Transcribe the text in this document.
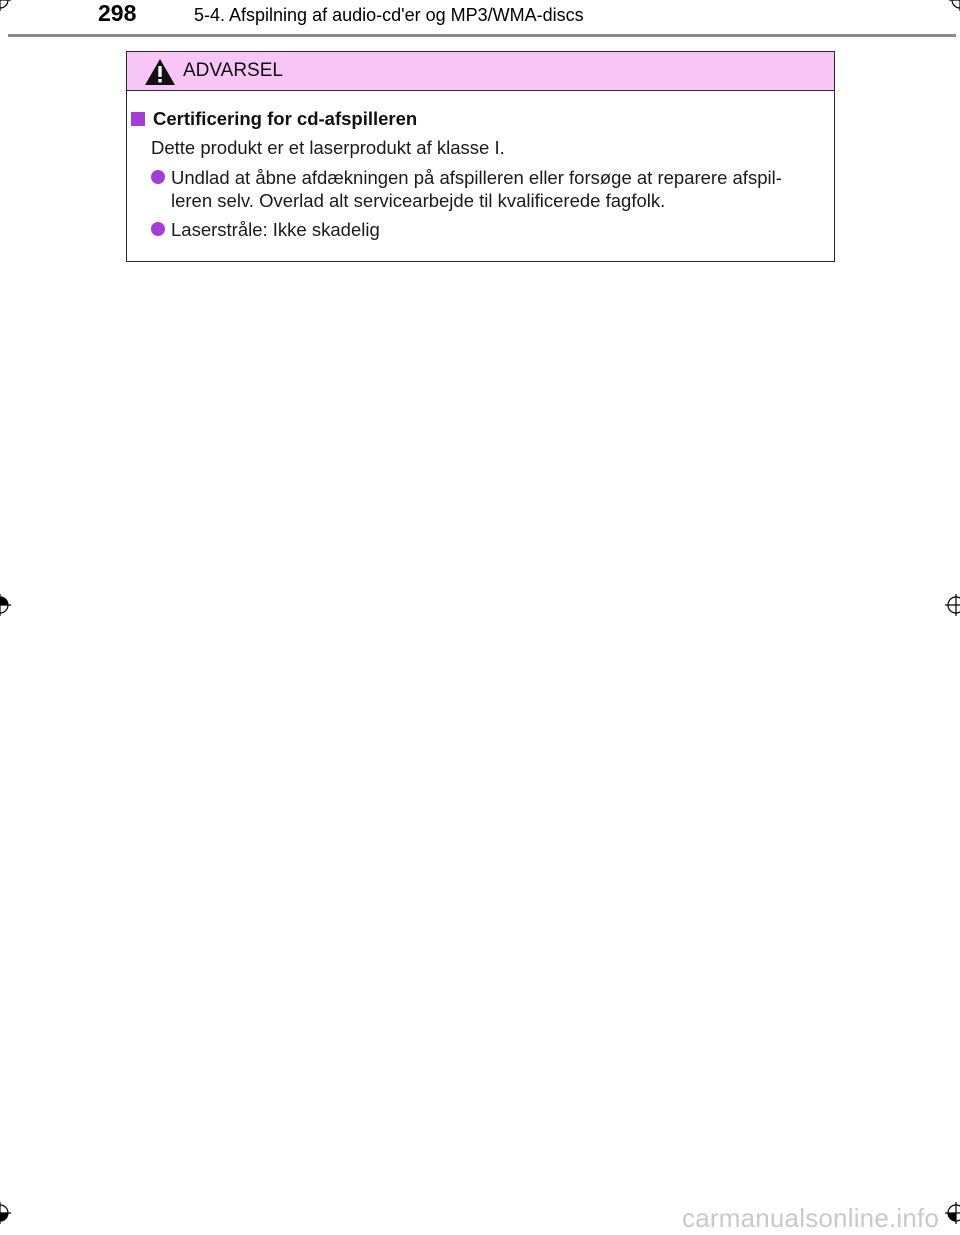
298	5-4. Afspilning af audio-cd'er og MP3/WMA-discs
ADVARSEL
Certificering for cd-afspilleren
Dette produkt er et laserprodukt af klasse I.
Undlad at åbne afdækningen på afspilleren eller forsøge at reparere afspil-
leren selv. Overlad alt servicearbejde til kvalificerede fagfolk.
Laserstråle: Ikke skadelig
carmanualsonline.info
